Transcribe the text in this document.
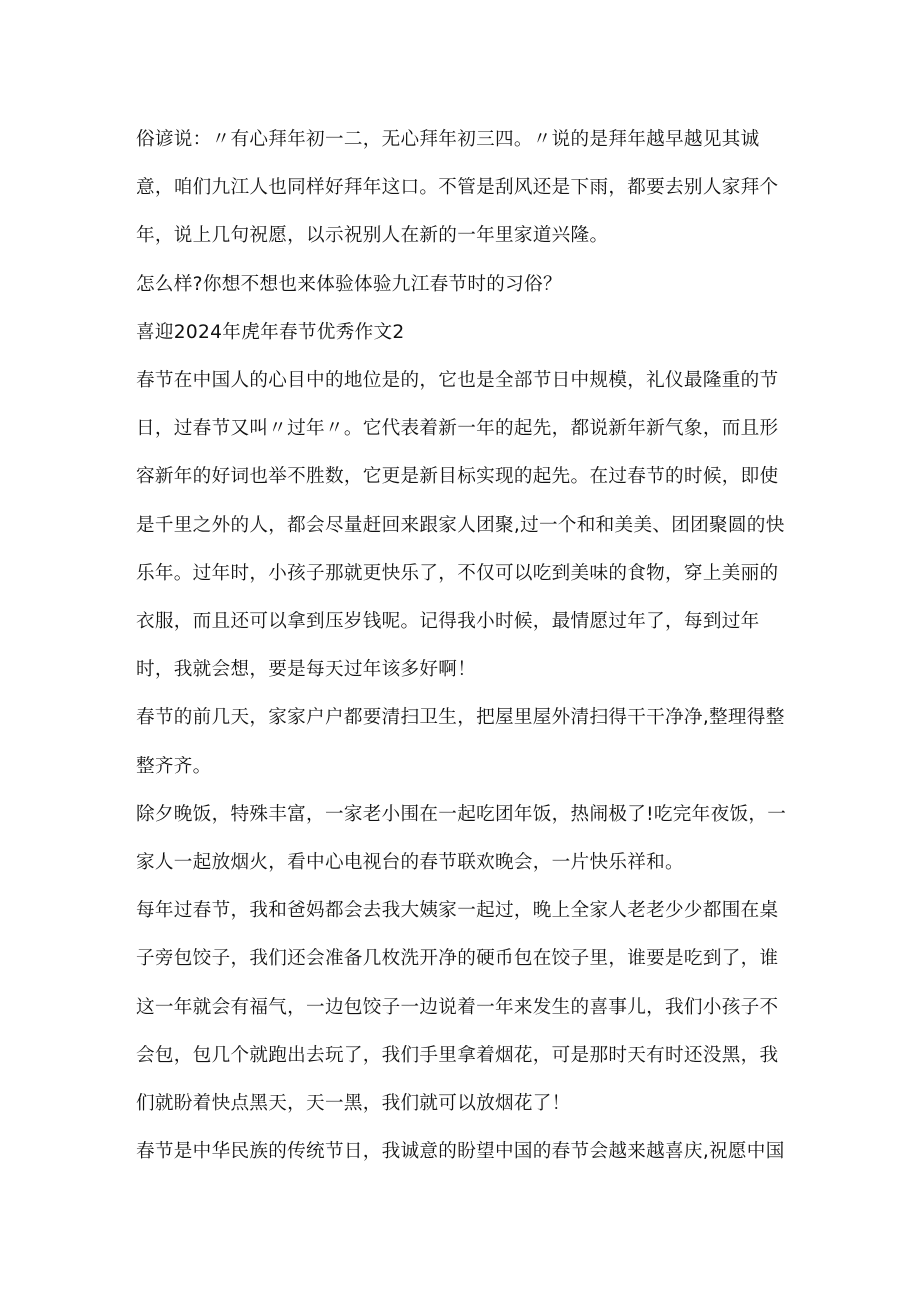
俗谚说：〃有心拜年初一二，无心拜年初三四。〃说的是拜年越早越见其诚意，咱们九江人也同样好拜年这口。不管是刮风还是下雨，都要去别人家拜个年，说上几句祝愿，以示祝别人在新的一年里家道兴隆。

怎么样?你想不想也来体验体验九江春节时的习俗？

喜迎2024年虎年春节优秀作文2

春节在中国人的心目中的地位是的，它也是全部节日中规模，礼仪最隆重的节日，过春节又叫〃过年〃。它代表着新一年的起先，都说新年新气象，而且形容新年的好词也举不胜数，它更是新目标实现的起先。在过春节的时候，即使是千里之外的人，都会尽量赶回来跟家人团聚,过一个和和美美、团团聚圆的快乐年。过年时，小孩子那就更快乐了，不仅可以吃到美味的食物，穿上美丽的衣服，而且还可以拿到压岁钱呢。记得我小时候，最情愿过年了，每到过年时，我就会想，要是每天过年该多好啊！

春节的前几天，家家户户都要清扫卫生，把屋里屋外清扫得干干净净,整理得整整齐齐。

除夕晚饭，特殊丰富，一家老小围在一起吃团年饭，热闹极了!吃完年夜饭，一家人一起放烟火，看中心电视台的春节联欢晚会，一片快乐祥和。

每年过春节，我和爸妈都会去我大姨家一起过，晚上全家人老老少少都围在桌子旁包饺子，我们还会准备几枚洗开净的硬币包在饺子里，谁要是吃到了，谁这一年就会有福气，一边包饺子一边说着一年来发生的喜事儿，我们小孩子不会包，包几个就跑出去玩了，我们手里拿着烟花，可是那时天有时还没黑，我们就盼着快点黑天，天一黑，我们就可以放烟花了！

春节是中华民族的传统节日，我诚意的盼望中国的春节会越来越喜庆,祝愿中国
